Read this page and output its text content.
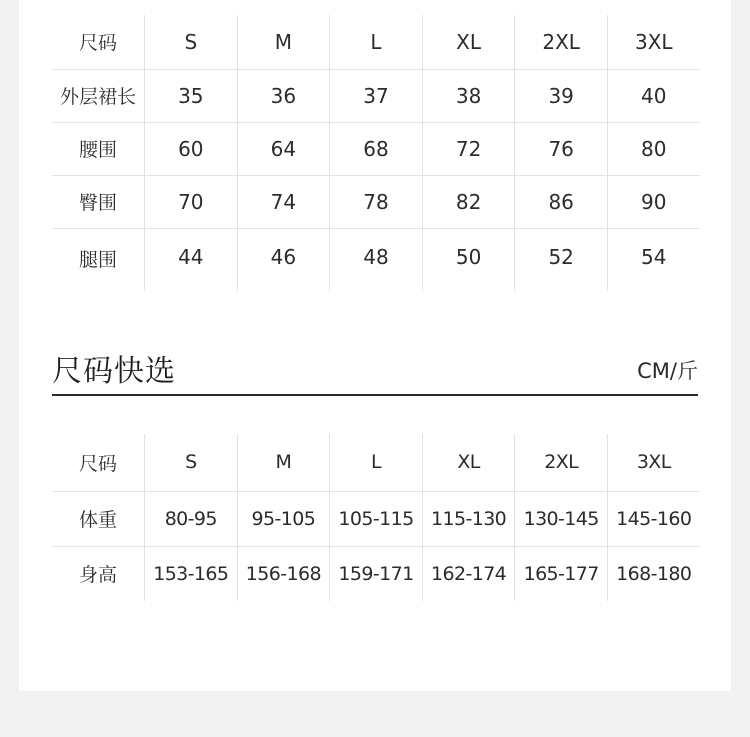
尺码	S	M	L	XL	2XL	3XL
外层裙长	35	36	37	38	39	40
腰围	60	64	68	72	76	80
臀围	70	74	78	82	86	90
腿围	44	46	48	50	52	54
尺码快选	CM/斤
尺码	S	M	L	XL	2XL	3XL
体重	80-95	95-105	105-115	115-130	130-145	145-160
身高	153-165	156-168	159-171	162-174	165-177	168-180
